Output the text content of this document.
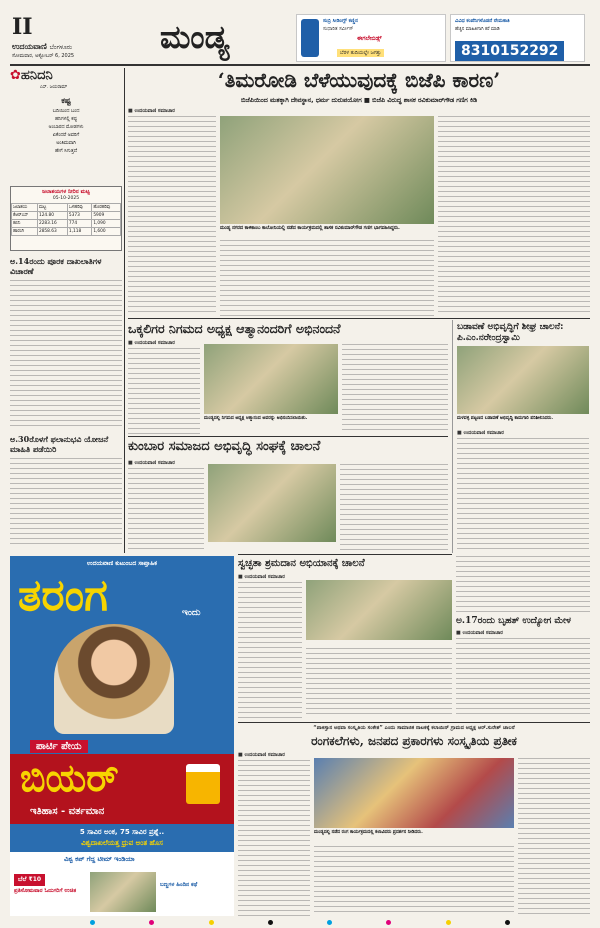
II
ಉದಯವಾಣಿ ಬೆಂಗಳೂರು
ಸೋಮವಾರ, ಅಕ್ಟೋಬರ್ 6, 2025	ಮಂಡ್ಯ	ಸುಬ್ರಿ ಸೀಡಿಂಗ್ಸ್ ಕಣ್ಣಿನ
ಸುಧಾರಿತ ಸರ್ವೀಸ್
ಈಗಲೇಬಿಡ್ಸ್
ಬೆರಳ ತುದಿಯಲ್ಲೇ ಜಗತ್ತು
ವಿವಿಧ ಕಂಪೆನಿಗಳೊಡನೆ ನೇಮಕಾತಿ
ಹೆಚ್ಚಿನ ಮಾಹಿತಿಗಾಗಿ ಕರೆ ಮಾಡಿ
8310152292
✿ಹನಿದನಿ
ಎಸ್. ಜಯರಾಮ್
ಕಷ್ಟ
ಬದಿಯಿಂದ ಬಂದ
ಹನಿಗಳಲ್ಲಿ ಕಷ್ಟ
ಅಂಬಾರದ ಮೋಡಗಳು
ಏಕೆಂದರೆ ಅವರಿಗೆ
ಅಂತಿಮವಾಗಿ
ಹೇಗೆ ಸಿಗುತ್ತದೆ
ಜಲಾಶಯಗಳ ನೀರಿನ ಮಟ್ಟ
05-10-2025
ಜಲಾಶಯ	ಮಟ್ಟ	ಒಳಹರಿವು	ಹೊರಹರಿವು
ಕೆಆರ್‌ಎಸ್	124.80	5373	5909
ಕಬಿನಿ	2283.16	774	1,090
ಹಾರಂಗಿ	2858.63	1,118	1,600
ಅ.14ರಂದು ಪೂರಕ ದಾಖಲಾತಿಗಳ ವಿಚಾರಣೆ
ಅ.30ರೊಳಗೆ ಫಲಾನುಭವಿ ಯೋಜನೆ ಮಾಹಿತಿ ಪಡೆಯಿರಿ
‘ತಿಮರೋಡಿ ಬೆಳೆಯುವುದಕ್ಕೆ ಬಿಜೆಪಿ ಕಾರಣ’
ಬಿಜೆಪಿಯಿಂದ ಮತಕ್ಕಾಗಿ ದೇವಸ್ಥಾನ, ಧರ್ಮ ದುರುಪಯೋಗ ■ ಬಿಜೆಪಿ ವಿರುದ್ಧ ಶಾಸಕ ರವಿಕುಮಾರ್‌ಗೌಡ ಗಣಿಗ ಕಿಡಿ
■ ಉದಯವಾಣಿ ಸಮಾಚಾರ
ಮಂಡ್ಯ ನಗರದ ಕಾಳಿಕಾಂಬ ಕಾಲೋನಿಯಲ್ಲಿ ನಡೆದ ಕಾರ್ಯಕ್ರಮದಲ್ಲಿ ಶಾಸಕ ರವಿಕುಮಾರ್‌ಗೌಡ ಗಣಿಗ ಭಾಗವಹಿಸಿದ್ದರು.
ಒಕ್ಕಲಿಗರ ನಿಗಮದ ಅಧ್ಯಕ್ಷ ಆತ್ಮಾನಂದರಿಗೆ ಅಭಿನಂದನೆ
■ ಉದಯವಾಣಿ ಸಮಾಚಾರ
ಮಂಡ್ಯದಲ್ಲಿ ನಿಗಮದ ಅಧ್ಯಕ್ಷ ಆತ್ಮಾನಂದ ಅವರನ್ನು ಅಭಿನಂದಿಸಲಾಯಿತು.
ಬಡಾವಣೆ ಅಭಿವೃದ್ಧಿಗೆ ಶೀಘ್ರ ಚಾಲನೆ: ಪಿ.ಎಂ.ನರೇಂದ್ರಸ್ವಾಮಿ
ಮಳವಳ್ಳಿ ಪಟ್ಟಣದ ಬಡಾವಣೆ ಅಭಿವೃದ್ಧಿ ಕಾಮಗಾರಿ ಪರಿಶೀಲಿಸಿದರು.
■ ಉದಯವಾಣಿ ಸಮಾಚಾರ
ಕುಂಬಾರ ಸಮಾಜದ ಅಭಿವೃದ್ಧಿ ಸಂಘಕ್ಕೆ ಚಾಲನೆ
■ ಉದಯವಾಣಿ ಸಮಾಚಾರ
ಉದಯವಾಣಿ ಕುಟುಂಬದ ಸಾಪ್ತಾಹಿಕ
ತರಂಗ	ಇಂದು
ಪಾರ್ಟಿ ಪೇಯ
ಬಿಯರ್
ಇತಿಹಾಸ - ವರ್ತಮಾನ
5 ಸಾವಿರ ಅಂಕ, 75 ಸಾವಿರ ಪ್ರಶ್ನೆ..
ವಿಶ್ವದಾಖಲೆಯತ್ತ ಧ್ರುವ ಅಂತ ಹೊಸ
ವಿಶ್ವ ಕಪ್ ಗೆದ್ದ ಟೀಮ್ ಇಂಡಿಯಾ
ಬೆಲೆ ₹10
ಪ್ರತಿಸೋಮವಾರ ಓದುಗರಿಗೆ ಉಚಿತ
ಬಣ್ಣಗಳ ಹಿಂದಿನ ಕಥೆ
ಸ್ವಚ್ಛತಾ ಶ್ರಮದಾನ ಅಭಿಯಾನಕ್ಕೆ ಚಾಲನೆ
■ ಉದಯವಾಣಿ ಸಮಾಚಾರ
ಅ.17ರಂದು ಬೃಹತ್ ಉದ್ಯೋಗ ಮೇಳ
■ ಉದಯವಾಣಿ ಸಮಾಚಾರ
“ಪಾಕಿಸ್ತಾನ ಅಥವಾ ಸಂಸ್ಕೃತಿಯ ಸಂಕೇತ” ಎಂದು ಸಾಮಾಜಿಕ ನಾಟಕಕ್ಕೆ ಕಲಾಯಿನ್ ಗ್ರಾಮದ ಅಧ್ಯಕ್ಷ ಆರ್.ಸುರೇಶ್ ಚಾಲನೆ
ರಂಗಕಲೆಗಳು, ಜನಪದ ಪ್ರಕಾರಗಳು ಸಂಸ್ಕೃತಿಯ ಪ್ರತೀಕ
■ ಉದಯವಾಣಿ ಸಮಾಚಾರ
ಮಂಡ್ಯದಲ್ಲಿ ನಡೆದ ರಂಗ ಕಾರ್ಯಕ್ರಮದಲ್ಲಿ ಕಲಾವಿದರು ಪ್ರದರ್ಶನ ನೀಡಿದರು.
